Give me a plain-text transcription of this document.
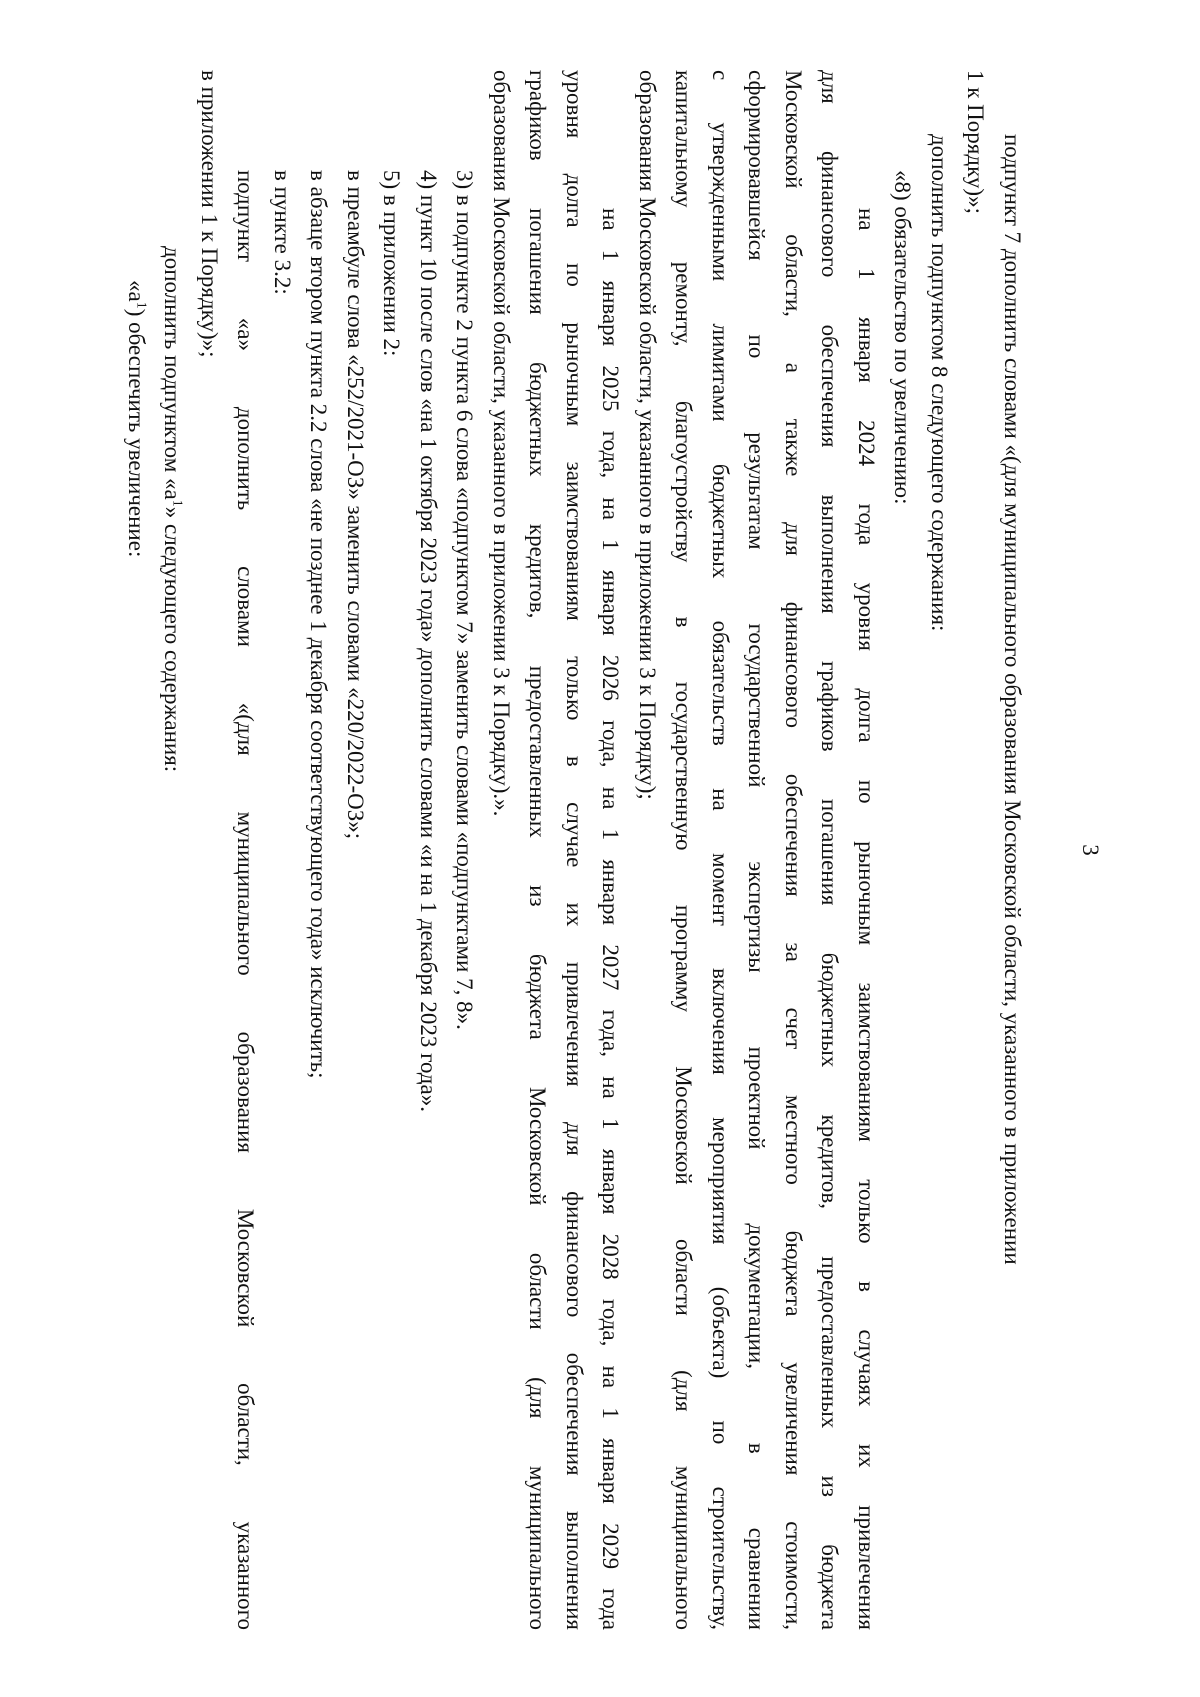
3
подпункт 7 дополнить словами «(для муниципального образования Московской области, указанного в приложении
1 к Порядку)»;
дополнить подпунктом 8 следующего содержания:
«8) обязательство по увеличению:
на 1 января 2024 года уровня долга по рыночным заимствованиям только в случаях их привлечения
для финансового обеспечения выполнения графиков погашения бюджетных кредитов, предоставленных из бюджета
Московской области, а также для финансового обеспечения за счет местного бюджета увеличения стоимости,
сформировавшейся по результатам государственной экспертизы проектной документации, в сравнении
с утвержденными лимитами бюджетных обязательств на момент включения мероприятия (объекта) по строительству,
капитальному ремонту, благоустройству в государственную программу Московской области (для муниципального
образования Московской области, указанного в приложении 3 к Порядку);
на 1 января 2025 года, на 1 января 2026 года, на 1 января 2027 года, на 1 января 2028 года, на 1 января 2029 года
уровня долга по рыночным заимствованиям только в случае их привлечения для финансового обеспечения выполнения
графиков погашения бюджетных кредитов, предоставленных из бюджета Московской области (для муниципального
образования Московской области, указанного в приложении 3 к Порядку).».
3) в подпункте 2 пункта 6 слова «подпунктом 7» заменить словами «подпунктами 7, 8».
4) пункт 10 после слов «на 1 октября 2023 года» дополнить словами «и на 1 декабря 2023 года».
5) в приложении 2:
в преамбуле слова «252/2021-ОЗ» заменить словами «220/2022-ОЗ»;
в абзаце втором пункта 2.2 слова «не позднее 1 декабря соответствующего года» исключить;
в пункте 3.2:
подпункт «а» дополнить словами «(для муниципального образования Московской области, указанного
в приложении 1 к Порядку)»;
дополнить подпунктом «$а^1$» следующего содержания:
«$а^1$) обеспечить увеличение:
